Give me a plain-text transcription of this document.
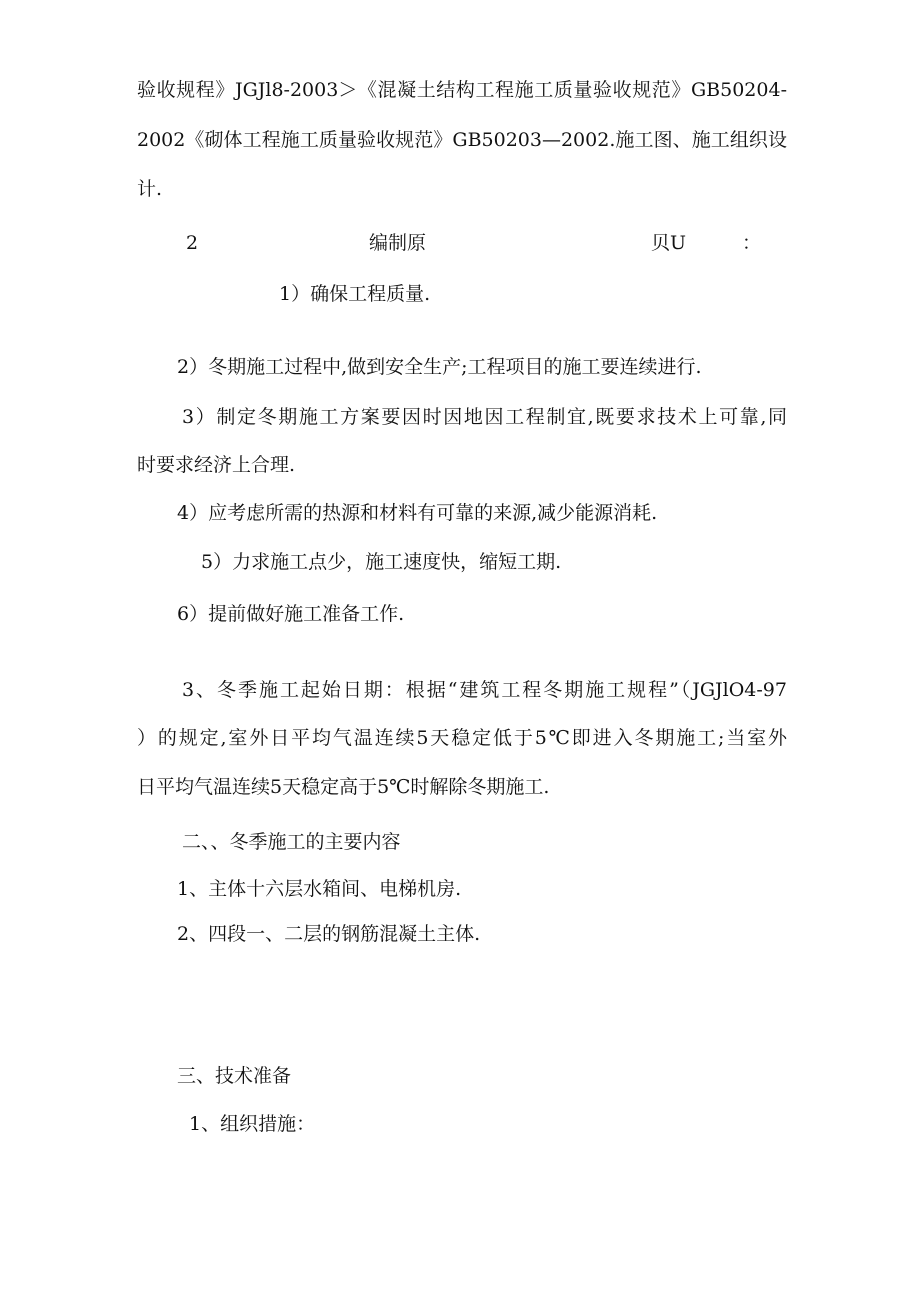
验收规程》JGJl8-2003＞《混凝土结构工程施工质量验收规范》GB50204-
2002《砌体工程施工质量验收规范》GB50203—2002.施工图、施工组织设
计.
2	编制原	贝U	：
1）确保工程质量.
2）冬期施工过程中,做到安全生产;工程项目的施工要连续进行.
3）制定冬期施工方案要因时因地因工程制宜,既要求技术上可靠,同
时要求经济上合理.
4）应考虑所需的热源和材料有可靠的来源,减少能源消耗.
5）力求施工点少，施工速度快，缩短工期.
6）提前做好施工准备工作.
3、冬季施工起始日期：根据“建筑工程冬期施工规程”（JGJlO4-97
）的规定,室外日平均气温连续5天稳定低于5℃即进入冬期施工;当室外
日平均气温连续5天稳定高于5℃时解除冬期施工.
二、、冬季施工的主要内容
1、主体十六层水箱间、电梯机房.
2、四段一、二层的钢筋混凝土主体.
三、技术准备
1、组织措施：
